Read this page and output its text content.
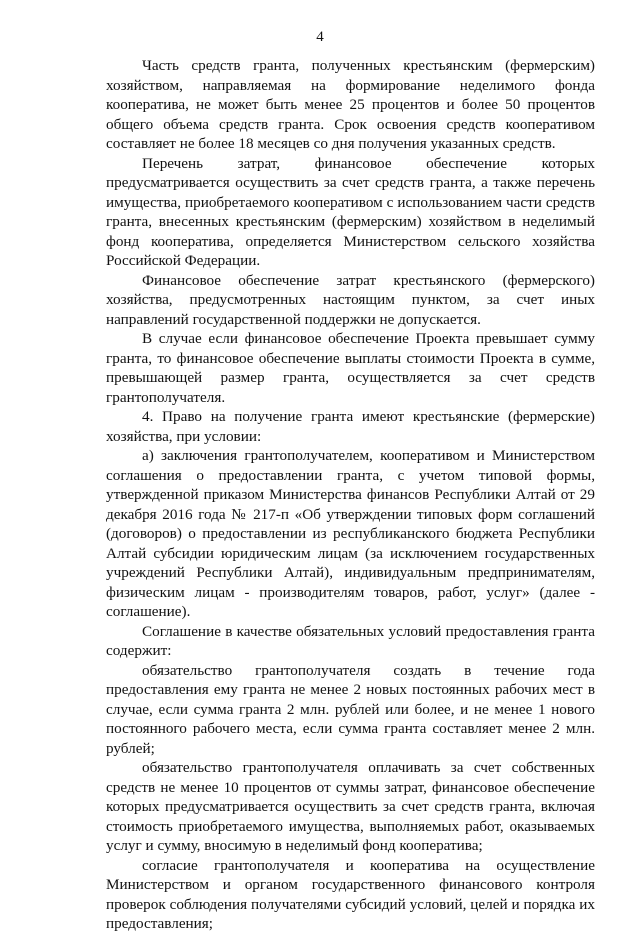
4

Часть средств гранта, полученных крестьянским (фермерским) хозяйством, направляемая на формирование неделимого фонда кооператива, не может быть менее 25 процентов и более 50 процентов общего объема средств гранта. Срок освоения средств кооперативом составляет не более 18 месяцев со дня получения указанных средств.

Перечень затрат, финансовое обеспечение которых предусматривается осуществить за счет средств гранта, а также перечень имущества, приобретаемого кооперативом с использованием части средств гранта, внесенных крестьянским (фермерским) хозяйством в неделимый фонд кооператива, определяется Министерством сельского хозяйства Российской Федерации.

Финансовое обеспечение затрат крестьянского (фермерского) хозяйства, предусмотренных настоящим пунктом, за счет иных направлений государственной поддержки не допускается.

В случае если финансовое обеспечение Проекта превышает сумму гранта, то финансовое обеспечение выплаты стоимости Проекта в сумме, превышающей размер гранта, осуществляется за счет средств грантополучателя.

4. Право на получение гранта имеют крестьянские (фермерские) хозяйства, при условии:

а) заключения грантополучателем, кооперативом и Министерством соглашения о предоставлении гранта, с учетом типовой формы, утвержденной приказом Министерства финансов Республики Алтай от 29 декабря 2016 года № 217-п «Об утверждении типовых форм соглашений (договоров) о предоставлении из республиканского бюджета Республики Алтай субсидии юридическим лицам (за исключением государственных учреждений Республики Алтай), индивидуальным предпринимателям, физическим лицам - производителям товаров, работ, услуг» (далее - соглашение).

Соглашение в качестве обязательных условий предоставления гранта содержит:

обязательство грантополучателя создать в течение года предоставления ему гранта не менее 2 новых постоянных рабочих мест в случае, если сумма гранта 2 млн. рублей или более, и не менее 1 нового постоянного рабочего места, если сумма гранта составляет менее 2 млн. рублей;

обязательство грантополучателя оплачивать за счет собственных средств не менее 10 процентов от суммы затрат, финансовое обеспечение которых предусматривается осуществить за счет средств гранта, включая стоимость приобретаемого имущества, выполняемых работ, оказываемых услуг и сумму, вносимую в неделимый фонд кооператива;

согласие грантополучателя и кооператива на осуществление Министерством и органом государственного финансового контроля проверок соблюдения получателями субсидий условий, целей и порядка их предоставления;
